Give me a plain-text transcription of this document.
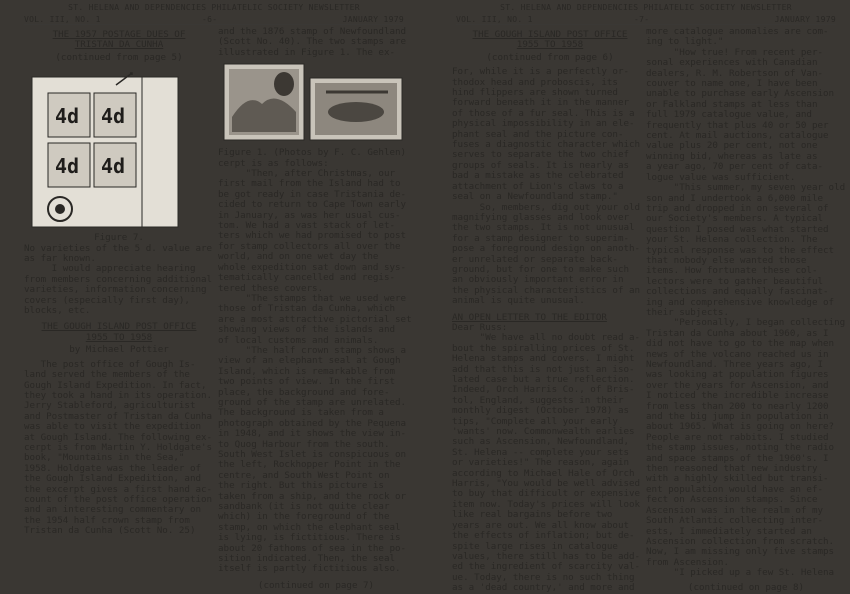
ST. HELENA AND DEPENDENCIES PHILATELIC SOCIETY NEWSLETTER
VOL. III, NO. 1	-6-	JANUARY 1979

THE 1957 POSTAGE DUES OF
TRISTAN DA CUNHA

(continued from page 5)

4d 4d
4d 4d

Figure 7.

No varieties of the 5 d. value are
as far known.
I would appreciate hearing
from members concerning additional
varieties, information concerning
covers (especially first day),
blocks, etc.

THE GOUGH ISLAND POST OFFICE
1955 TO 1958

by Michael Pottier

The post office of Gough Is-
land served the members of the
Gough Island Expedition. In fact,
they took a hand in its operation.
Jerry Stableford, agriculturist
and Postmaster of Tristan da Cunha
was able to visit the expedition
at Gough Island. The following ex-
cerpt is from Martin Y. Holdgate's
book, "Mountains in the Sea,"
1958. Holdgate was the leader of
the Gough Island Expedition, and
the excerpt gives a first hand ac-
count of the post office operation
and an interesting commentary on
the 1954 half crown stamp from
Tristan da Cunha (Scott No. 25)

and the 1876 stamp of Newfoundland
(Scott No. 40). The two stamps are
illustrated in Figure 1. The ex-

Figure 1. (Photos by F. C. Gehlen)

cerpt is as follows:
"Then, after Christmas, our
first mail from the Island had to
be got ready in case Tristania de-
cided to return to Cape Town early
in January, as was her usual cus-
tom. We had a vast stack of let-
ters which we had promised to post
for stamp collectors all over the
world, and on one wet day the
whole expedition sat down and sys-
tematically cancelled and regis-
tered these covers.
"The stamps that we used were
those of Tristan da Cunha, which
are a most attractive pictorial set
showing views of the islands and
of local customs and animals.
"The half crown stamp shows a
view of an elephant seal at Gough
Island, which is remarkable from
two points of view. In the first
place, the background and fore-
ground of the stamp are unrelated.
The background is taken from a
photograph obtained by the Pequena
in 1948, and it shows the view in-
to Quog Harbour from the south.
South West Islet is conspicuous on
the left, Rockhopper Point in the
centre, and South West Point on
the right. But this picture is
taken from a ship, and the rock or
sandbank (it is not quite clear
which) in the foreground of the
stamp, on which the elephant seal
is lying, is fictitious. There is
about 20 fathoms of sea in the po-
sition indicated. Then, the seal
itself is partly fictitious also.

(continued on page 7)

ST. HELENA AND DEPENDENCIES PHILATELIC SOCIETY NEWSLETTER
VOL. III, NO. 1	-7-	JANUARY 1979

THE GOUGH ISLAND POST OFFICE
1955 TO 1958

(continued from page 6)

For, while it is a perfectly or-
thodox head and proboscis, its
hind flippers are shown turned
forward beneath it in the manner
of those of a fur seal. This is a
physical impossibility in an ele-
phant seal and the picture con-
fuses a diagnostic character which
serves to separate the two chief
groups of seals. It is nearly as
bad a mistake as the celebrated
attachment of Lion's claws to a
seal on a Newfoundland stamp."
So, members, dig out your old
magnifying glasses and look over
the two stamps. It is not unusual
for a stamp designer to superim-
pose a foreground design on anoth-
er unrelated or separate back-
ground, but for one to make such
an obviously important error in
the physical characteristics of an
animal is quite unusual.

AN OPEN LETTER TO THE EDITOR

Dear Russ:

"We have all no doubt read a-
bout the spiralling prices of St.
Helena stamps and covers. I might
add that this is not just an iso-
lated case but a true reflection.
Indeed, Orch Harris Co., of Bris-
tol, England, suggests in their
monthly digest (October 1978) as
tips, "Complete all your early
'wants' now. Commonwealth earlies
such as Ascension, Newfoundland,
St. Helena -- complete your sets
or varieties!" The reason, again
according to Michael Hale of Orch
Harris, "You would be well advised
to buy that difficult or expensive
item now. Today's prices will look
like real bargains before two
years are out. We all know about
the effects of inflation; but de-
spite large rises in catalogue
values, there still has to be add-
ed the ingredient of scarcity val-
ue. Today, there is no such thing
as a 'dead country,' and more and

more catalogue anomalies are com-
ing to light."
"How true! From recent per-
sonal experiences with Canadian
dealers, R. M. Robertson of Van-
couver to name one, I have been
unable to purchase early Ascension
or Falkland stamps at less than
full 1979 catalogue value, and
frequently that plus 40 or 50 per
cent. At mail auctions, catalogue
value plus 20 per cent, not one
winning bid, whereas as late as
a year ago, 70 per cent of cata-
logue value was sufficient.
"This summer, my seven year old
son and I undertook a 6,000 mile
trip and dropped in on several of
our Society's members. A typical
question I posed was what started
your St. Helena collection. The
typical response was to the effect
that nobody else wanted those
items. How fortunate these col-
lectors were to gather beautiful
collections and equally fascinat-
ing and comprehensive knowledge of
their subjects.
"Personally, I began collecting
Tristan da Cunha about 1960, as I
did not have to go to the map when
news of the volcano reached us in
Newfoundland. Three years ago, I
was looking at population figures
over the years for Ascension, and
I noticed the incredible increase
from less than 200 to nearly 1200
and the big jump in population in
about 1965. What is going on here?
People are not rabbits. I studied
the stamp issues, noting the radio
and space stamps of the 1960's. I
then reasoned that new industry
with a highly skilled but transi-
ent population would have an ef-
fect on Ascension stamps. Since
Ascension was in the realm of my
South Atlantic collecting inter-
ests, I immediately started an
Ascension collection from scratch.
Now, I am missing only five stamps
from Ascension.
"I picked up a few St. Helena

(continued on page 8)
